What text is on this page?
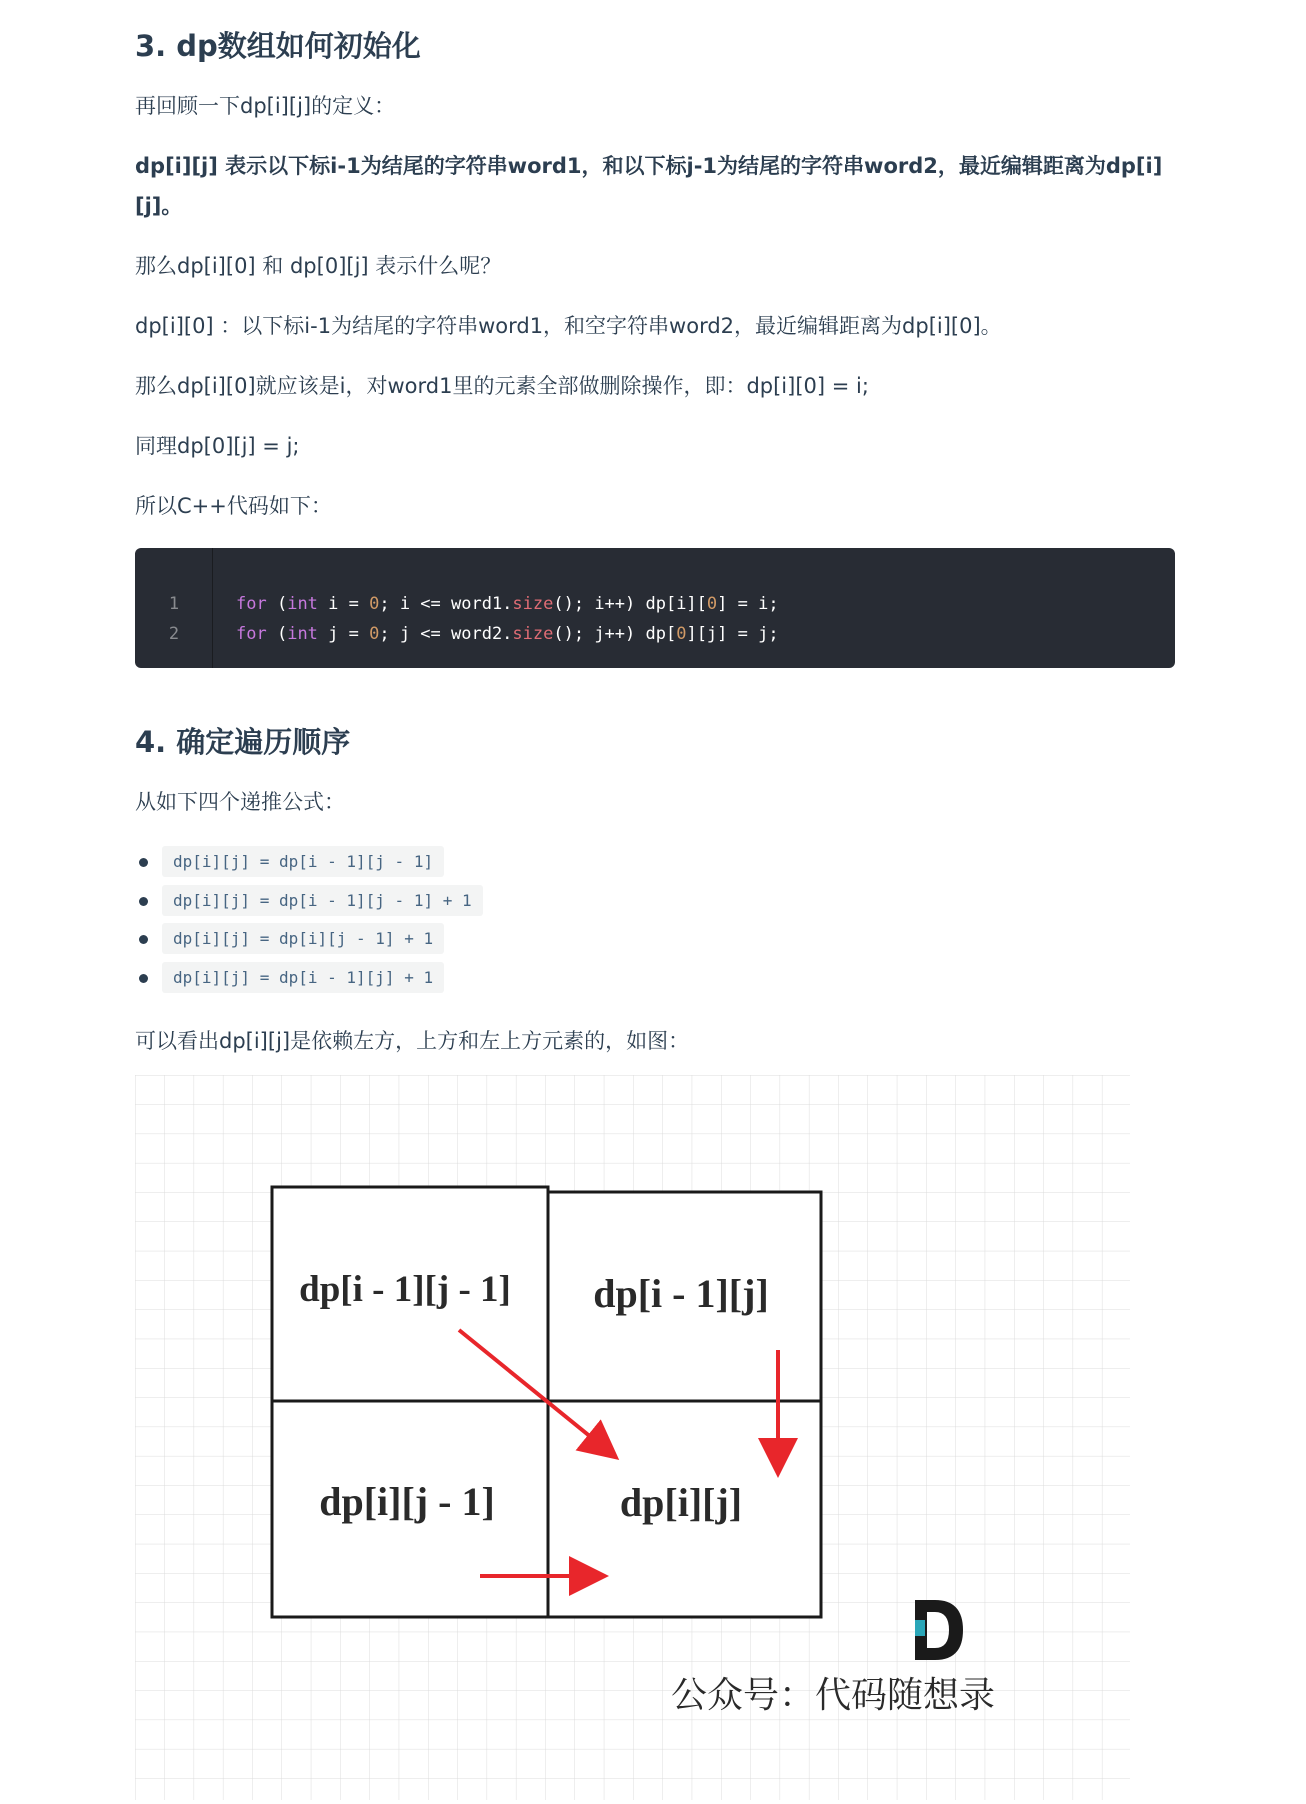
3. dp数组如何初始化

再回顾一下dp[i][j]的定义：

dp[i][j] 表示以下标i-1为结尾的字符串word1，和以下标j-1为结尾的字符串word2，最近编辑距离为dp[i]

[j]。

那么dp[i][0] 和 dp[0][j] 表示什么呢？

dp[i][0] ：以下标i-1为结尾的字符串word1，和空字符串word2，最近编辑距离为dp[i][0]。

那么dp[i][0]就应该是i，对word1里的元素全部做删除操作，即：dp[i][0] = i;

同理dp[0][j] = j;

所以C++代码如下：

1
2
for (int i = 0; i <= word1.size(); i++) dp[i][0] = i;
for (int j = 0; j <= word2.size(); j++) dp[0][j] = j;
4. 确定遍历顺序

从如下四个递推公式：

dp[i][j] = dp[i - 1][j - 1]
dp[i][j] = dp[i - 1][j - 1] + 1
dp[i][j] = dp[i][j - 1] + 1
dp[i][j] = dp[i - 1][j] + 1

可以看出dp[i][j]是依赖左方，上方和左上方元素的，如图：

dp[i - 1][j - 1] dp[i - 1][j]
dp[i][j - 1]	dp[i][j]
公众号：代码随想录
